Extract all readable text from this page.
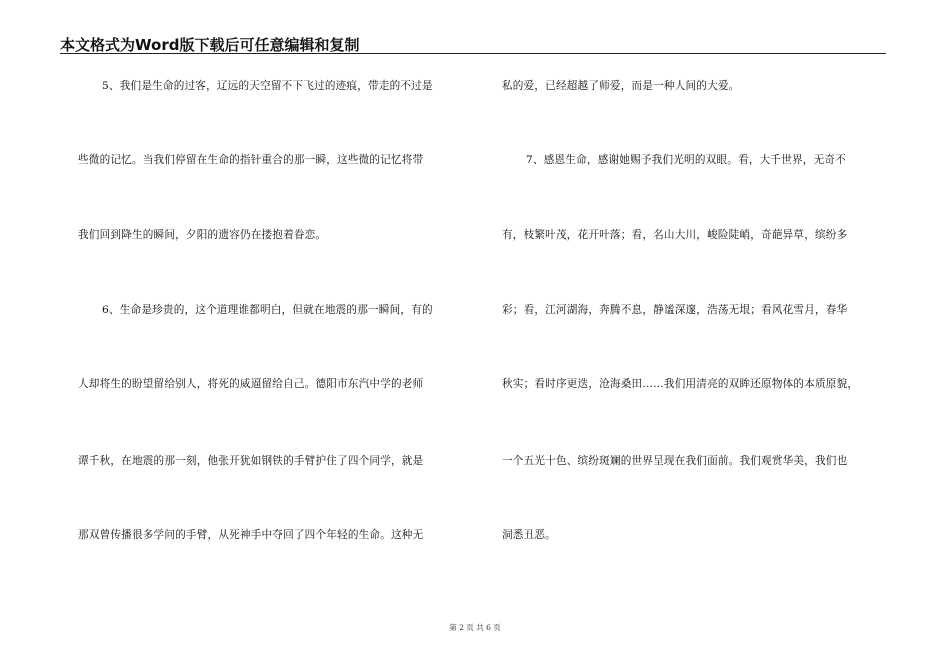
本文格式为Word版下载后可任意编辑和复制
5、我们是生命的过客，辽远的天空留不下飞过的迹痕，带走的不过是
些微的记忆。当我们停留在生命的指针重合的那一瞬，这些微的记忆将带
我们回到降生的瞬间，夕阳的遗容仍在搂抱着眷恋。
6、生命是珍贵的，这个道理谁都明白，但就在地震的那一瞬间，有的
人却将生的盼望留给别人，将死的威逼留给自己。德阳市东汽中学的老师
谭千秋，在地震的那一刻，他张开犹如钢铁的手臂护住了四个同学，就是
那双曾传播很多学问的手臂，从死神手中夺回了四个年轻的生命。这种无
私的爱，已经超越了师爱，而是一种人间的大爱。
7、感恩生命，感谢她赐予我们光明的双眼。看，大千世界，无奇不
有，枝繁叶茂，花开叶落；看，名山大川，峻险陡峭，奇葩异草，缤纷多
彩；看，江河湖海，奔腾不息，静谧深邃，浩荡无垠；看风花雪月，春华
秋实；看时序更迭，沧海桑田……我们用清亮的双眸还原物体的本质原貌，
一个五光十色、缤纷斑斓的世界呈现在我们面前。我们观赏华美，我们也
洞悉丑恶。
第 2 页 共 6 页
